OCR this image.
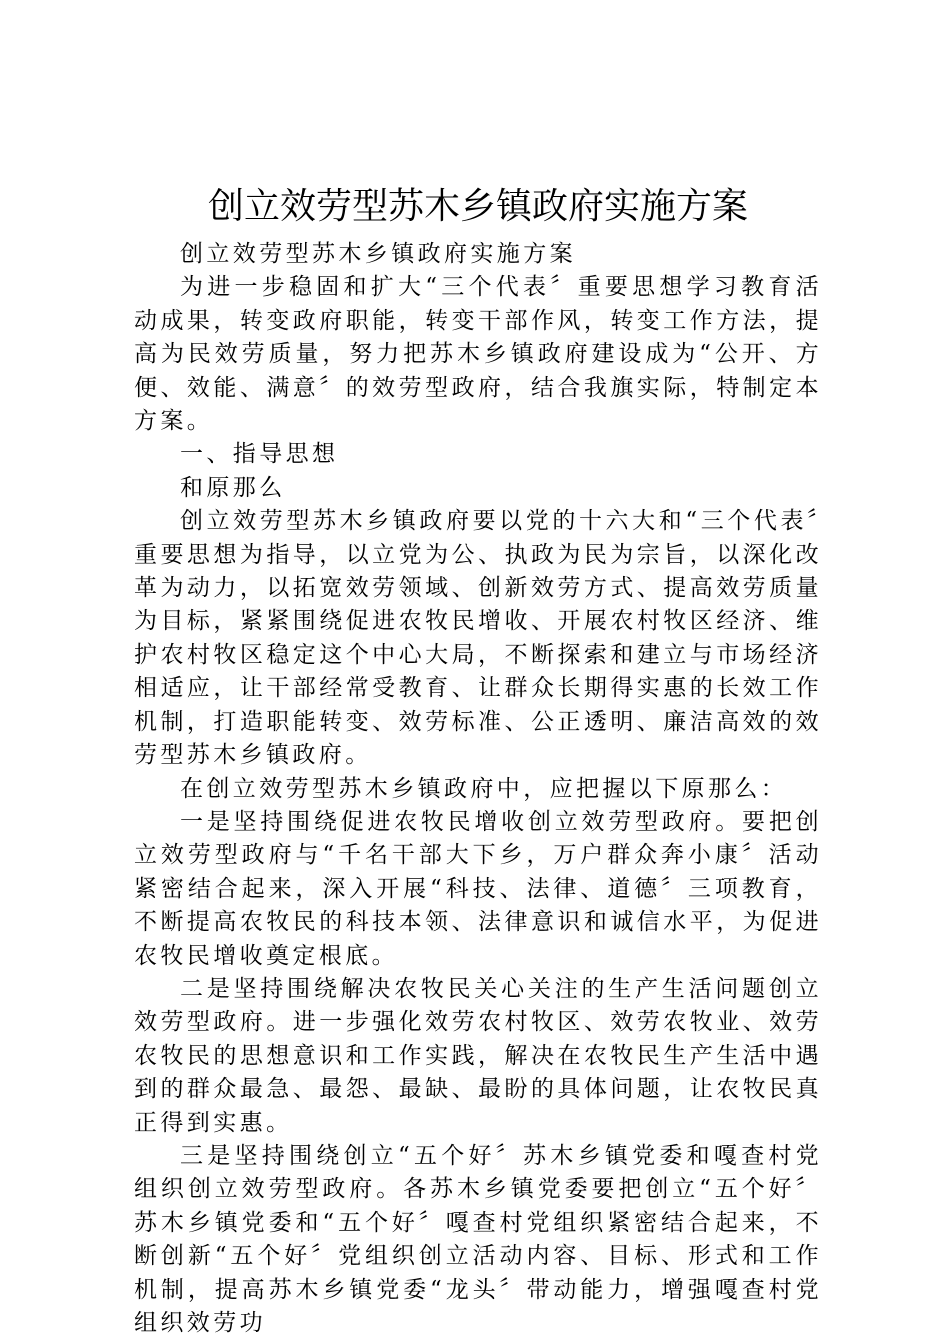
创立效劳型苏木乡镇政府实施方案

创立效劳型苏木乡镇政府实施方案

为进一步稳固和扩大“三个代表〞重要思想学习教育活动成果，转变政府职能，转变干部作风，转变工作方法，提高为民效劳质量，努力把苏木乡镇政府建设成为“公开、方便、效能、满意〞的效劳型政府，结合我旗实际，特制定本方案。

一、指导思想

和原那么

创立效劳型苏木乡镇政府要以党的十六大和“三个代表〞重要思想为指导，以立党为公、执政为民为宗旨，以深化改革为动力，以拓宽效劳领域、创新效劳方式、提高效劳质量为目标，紧紧围绕促进农牧民增收、开展农村牧区经济、维护农村牧区稳定这个中心大局，不断探索和建立与市场经济相适应，让干部经常受教育、让群众长期得实惠的长效工作机制，打造职能转变、效劳标准、公正透明、廉洁高效的效劳型苏木乡镇政府。

在创立效劳型苏木乡镇政府中，应把握以下原那么：

一是坚持围绕促进农牧民增收创立效劳型政府。要把创立效劳型政府与“千名干部大下乡，万户群众奔小康〞活动紧密结合起来，深入开展“科技、法律、道德〞三项教育，不断提高农牧民的科技本领、法律意识和诚信水平，为促进农牧民增收奠定根底。

二是坚持围绕解决农牧民关心关注的生产生活问题创立效劳型政府。进一步强化效劳农村牧区、效劳农牧业、效劳农牧民的思想意识和工作实践，解决在农牧民生产生活中遇到的群众最急、最怨、最缺、最盼的具体问题，让农牧民真正得到实惠。

三是坚持围绕创立“五个好〞苏木乡镇党委和嘎查村党组织创立效劳型政府。各苏木乡镇党委要把创立“五个好〞苏木乡镇党委和“五个好〞嘎查村党组织紧密结合起来，不断创新“五个好〞党组织创立活动内容、目标、形式和工作机制，提高苏木乡镇党委“龙头〞带动能力，增强嘎查村党组织效劳功
